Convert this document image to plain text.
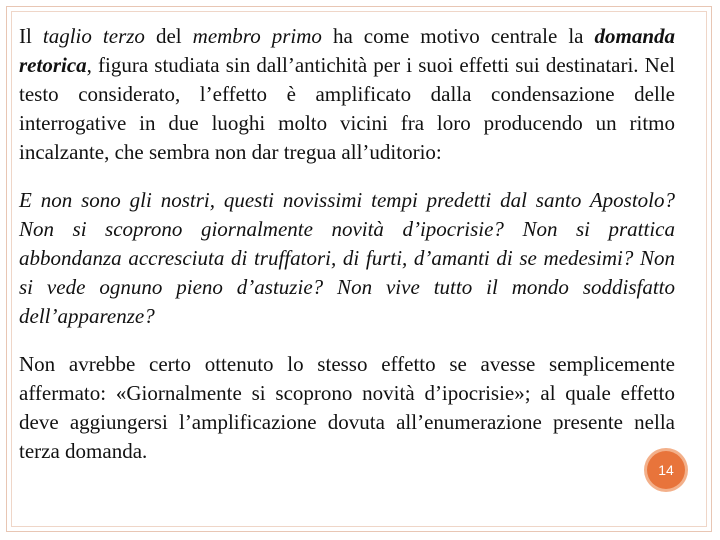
14

Il taglio terzo del membro primo ha come motivo centrale la domanda retorica, figura studiata sin dall’antichità per i suoi effetti sui destinatari. Nel testo considerato, l’effetto è amplificato dalla condensazione delle interrogative in due luoghi molto vicini fra loro producendo un ritmo incalzante, che sembra non dar tregua all’uditorio:

E non sono gli nostri, questi novissimi tempi predetti dal santo Apostolo? Non si scoprono giornalmente novità d’ipocrisie? Non si prattica abbondanza accresciuta di truffatori, di furti, d’amanti di se medesimi? Non si vede ognuno pieno d’astuzie? Non vive tutto il mondo soddisfatto dell’apparenze?

Non avrebbe certo ottenuto lo stesso effetto se avesse semplicemente affermato: «Giornalmente si scoprono novità d’ipocrisie»; al quale effetto deve aggiungersi l’amplificazione dovuta all’enumerazione presente nella terza domanda.
